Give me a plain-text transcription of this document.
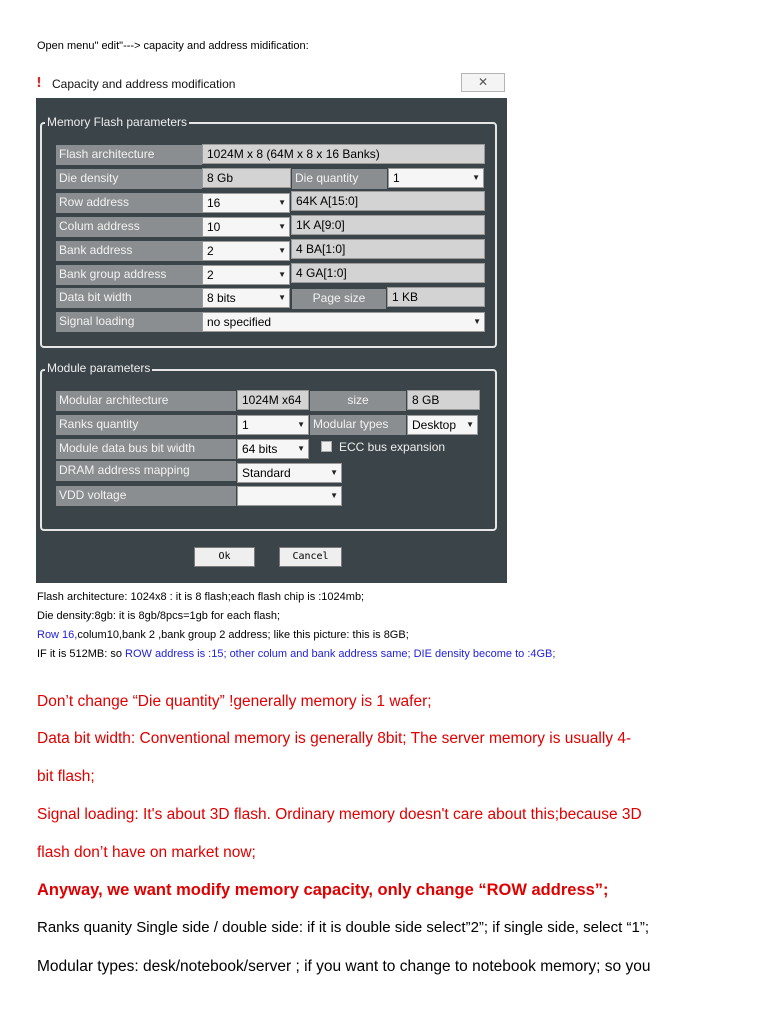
Open menu" edit"---> capacity and address midification:
! Capacity and address modification	✕
Memory Flash parameters
Flash architecture	1024M x 8 (64M x 8 x 16 Banks)
Die density	8 Gb	Die quantity	1	▼
Row address	16	▼ 64K A[15:0]
Colum address	10	▼ 1K A[9:0]
Bank address	2	▼ 4 BA[1:0]
Bank group address	2	▼ 4 GA[1:0]
Data bit width	8 bits	▼	Page size	1 KB
Signal loading	no specified	▼
Module parameters
Modular architecture	1024M x64	size	8 GB
Ranks quantity	1	▼ Modular types	Desktop ▼
Module data bus bit width	64 bits ▼	ECC bus expansion
DRAM address mapping	Standard	▼
VDD voltage	▼
Ok	Cancel
Flash architecture: 1024x8 : it is 8 flash;each flash chip is :1024mb;
Die density:8gb: it is 8gb/8pcs=1gb for each flash;
Row 16,colum10,bank 2 ,bank group 2 address; like this picture: this is 8GB;
IF it is 512MB: so ROW address is :15; other colum and bank address same; DIE density become to :4GB;
Don’t change “Die quantity” !generally memory is 1 wafer;
Data bit width: Conventional memory is generally 8bit; The server memory is usually 4-
bit flash;
Signal loading: It's about 3D flash. Ordinary memory doesn't care about this;because 3D
flash don’t have on market now;
Anyway, we want modify memory capacity, only change “ROW address”;
Ranks quanity Single side / double side: if it is double side select”2”; if single side, select “1”;
Modular types: desk/notebook/server ; if you want to change to notebook memory; so you
